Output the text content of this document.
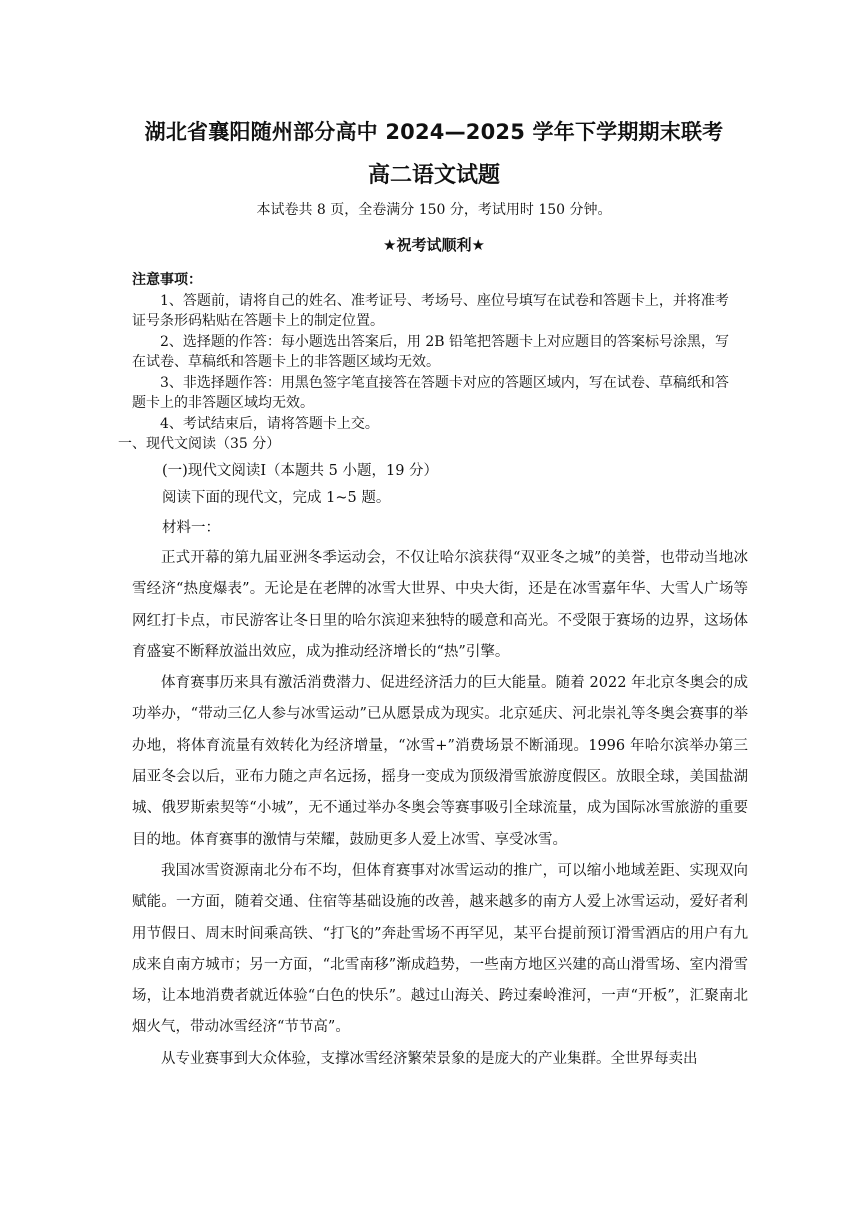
湖北省襄阳随州部分高中 2024—2025 学年下学期期末联考
高二语文试题
本试卷共 8 页，全卷满分 150 分，考试用时 150 分钟。
★祝考试顺利★
注意事项：

1、答题前，请将自己的姓名、准考证号、考场号、座位号填写在试卷和答题卡上，并将准考证号条形码粘贴在答题卡上的制定位置。

2、选择题的作答：每小题选出答案后，用 2B 铅笔把答题卡上对应题目的答案标号涂黑，写在试卷、草稿纸和答题卡上的非答题区域均无效。

3、非选择题作答：用黑色签字笔直接答在答题卡对应的答题区域内，写在试卷、草稿纸和答题卡上的非答题区域均无效。

4、考试结束后，请将答题卡上交。

一、现代文阅读（35 分）
(一)现代文阅读Ⅰ（本题共 5 小题，19 分）
阅读下面的现代文，完成 1~5 题。
材料一：

正式开幕的第九届亚洲冬季运动会，不仅让哈尔滨获得“双亚冬之城”的美誉，也带动当地冰雪经济“热度爆表”。无论是在老牌的冰雪大世界、中央大街，还是在冰雪嘉年华、大雪人广场等网红打卡点，市民游客让冬日里的哈尔滨迎来独特的暖意和高光。不受限于赛场的边界，这场体育盛宴不断释放溢出效应，成为推动经济增长的“热”引擎。

体育赛事历来具有激活消费潜力、促进经济活力的巨大能量。随着 2022 年北京冬奥会的成功举办，“带动三亿人参与冰雪运动”已从愿景成为现实。北京延庆、河北崇礼等冬奥会赛事的举办地，将体育流量有效转化为经济增量，“冰雪+”消费场景不断涌现。1996 年哈尔滨举办第三届亚冬会以后，亚布力随之声名远扬，摇身一变成为顶级滑雪旅游度假区。放眼全球，美国盐湖城、俄罗斯索契等“小城”，无不通过举办冬奥会等赛事吸引全球流量，成为国际冰雪旅游的重要目的地。体育赛事的激情与荣耀，鼓励更多人爱上冰雪、享受冰雪。

我国冰雪资源南北分布不均，但体育赛事对冰雪运动的推广，可以缩小地域差距、实现双向赋能。一方面，随着交通、住宿等基础设施的改善，越来越多的南方人爱上冰雪运动，爱好者利用节假日、周末时间乘高铁、“打飞的”奔赴雪场不再罕见，某平台提前预订滑雪酒店的用户有九成来自南方城市；另一方面，“北雪南移”渐成趋势，一些南方地区兴建的高山滑雪场、室内滑雪场，让本地消费者就近体验“白色的快乐”。越过山海关、跨过秦岭淮河，一声“开板”，汇聚南北烟火气，带动冰雪经济“节节高”。

从专业赛事到大众体验，支撑冰雪经济繁荣景象的是庞大的产业集群。全世界每卖出
